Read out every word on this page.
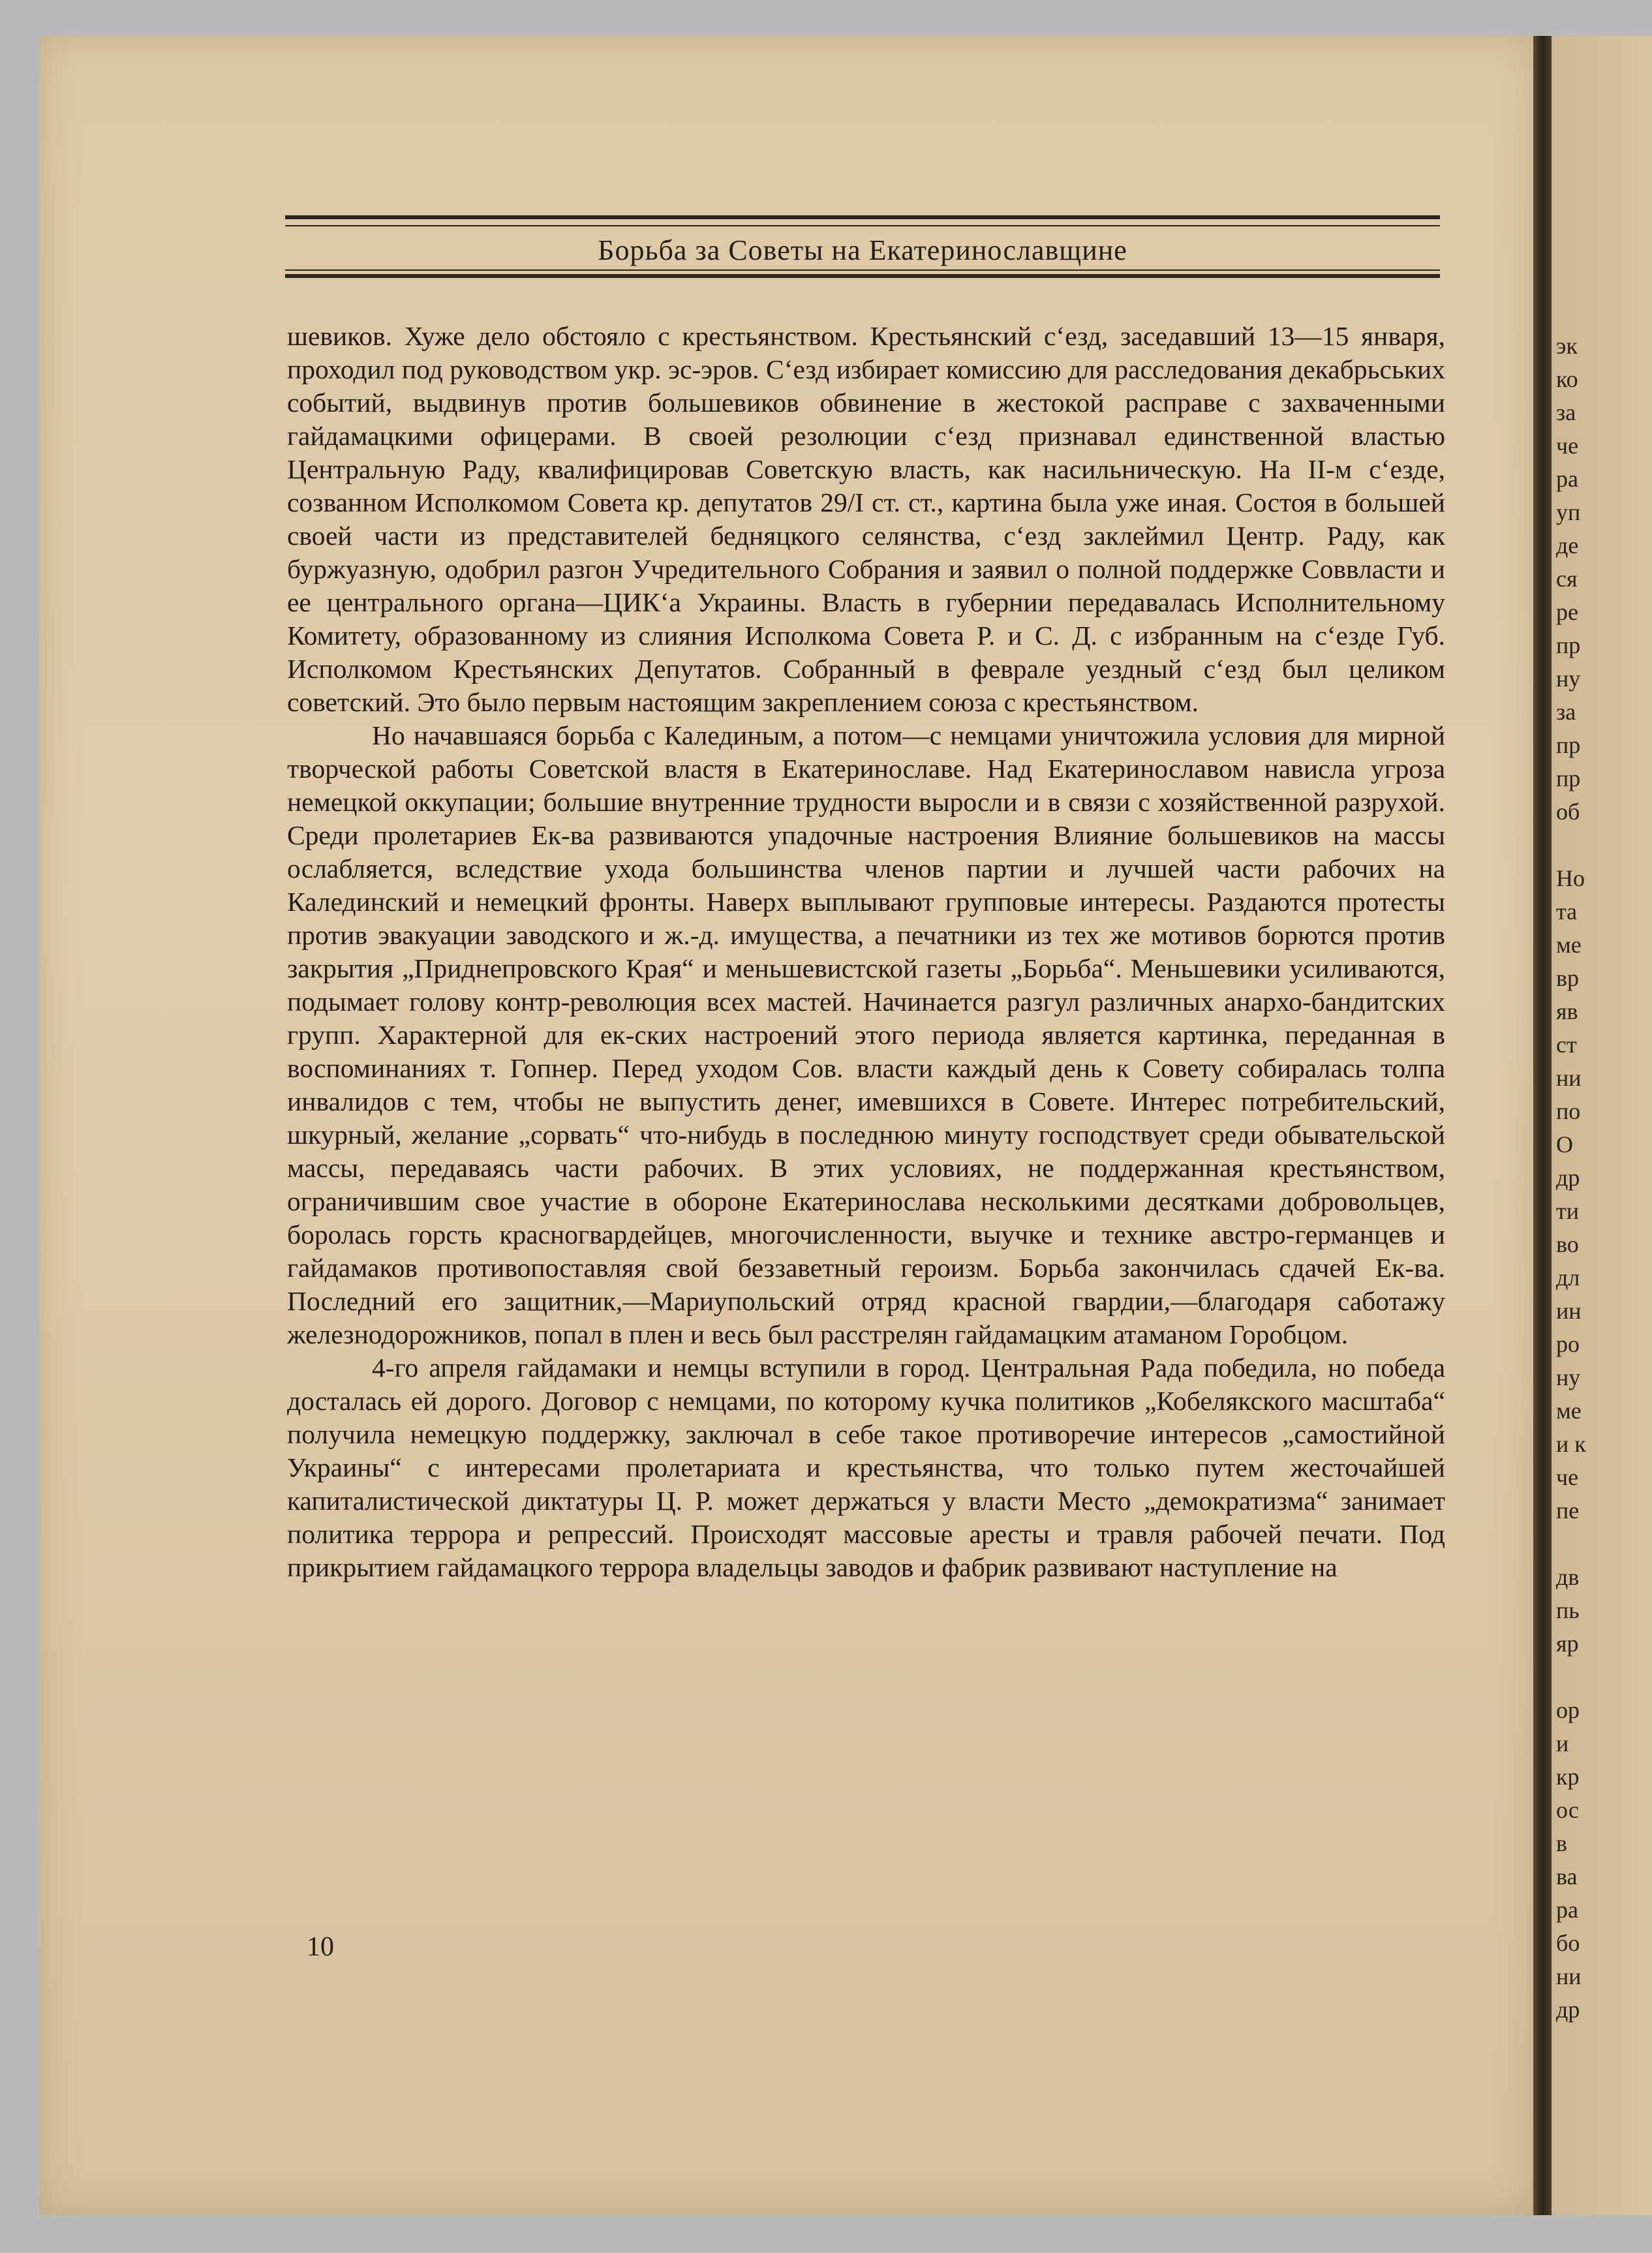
Борьба за Советы на Екатеринославщине

шевиков. Хуже дело обстояло с крестьянством. Крестьянский с‘езд, заседавший 13—15 января, проходил под руководством укр. эс-эров. С‘езд избирает комиссию для расследования декабрьських событий, выдвинув против большевиков обвинение в жестокой расправе с захваченными гайдамацкими офицерами. В своей резолюции с‘езд признавал единственной властью Центральную Раду, квалифицировав Советскую власть, как насильническую. На II-м с‘езде, созванном Исполкомом Совета кр. депутатов 29/I ст. ст., картина была уже иная. Состоя в большей своей части из представителей бедняцкого селянства, с‘езд заклеймил Центр. Раду, как буржуазную, одобрил разгон Учредительного Собрания и заявил о полной поддержке Соввласти и ее центрального органа—ЦИК‘а Украины. Власть в губернии передавалась Исполнительному Комитету, образованному из слияния Исполкома Совета Р. и С. Д. с избранным на с‘езде Губ. Исполкомом Крестьянских Депутатов. Собранный в феврале уездный с‘езд был целиком советский. Это было первым настоящим закреплением союза с крестьянством.

Но начавшаяся борьба с Калединым, а потом—с немцами уничтожила условия для мирной творческой работы Советской властя в Екатеринославе. Над Екатеринославом нависла угроза немецкой оккупации; большие внутренние трудности выросли и в связи с хозяйственной разрухой. Среди пролетариев Ек-ва развиваются упадочные настроения Влияние большевиков на массы ослабляется, вследствие ухода большинства членов партии и лучшей части рабочих на Калединский и немецкий фронты. Наверх выплывают групповые интересы. Раздаются протесты против эвакуации заводского и ж.-д. имущества, а печатники из тех же мотивов борются против закрытия „Приднепровского Края“ и меньшевистской газеты „Борьба“. Меньшевики усиливаются, подымает голову контр-революция всех мастей. Начинается разгул различных анархо-бандитских групп. Характерной для ек-ских настроений этого периода является картинка, переданная в воспоминаниях т. Гопнер. Перед уходом Сов. власти каждый день к Совету собиралась толпа инвалидов с тем, чтобы не выпустить денег, имевшихся в Совете. Интерес потребительский, шкурный, желание „сорвать“ что-нибудь в последнюю минуту господствует среди обывательской массы, передаваясь части рабочих. В этих условиях, не поддержанная крестьянством, ограничившим свое участие в обороне Екатеринослава несколькими десятками добровольцев, боролась горсть красногвардейцев, многочисленности, выучке и технике австро-германцев и гайдамаков противопоставляя свой беззаветный героизм. Борьба закончилась сдачей Ек-ва. Последний его защитник,—Мариупольский отряд красной гвардии,—благодаря саботажу железнодорожников, попал в плен и весь был расстрелян гайдамацким атаманом Горобцом.

4-го апреля гайдамаки и немцы вступили в город. Центральная Рада победила, но победа досталась ей дорого. Договор с немцами, по которому кучка политиков „Кобелякского масштаба“ получила немецкую поддержку, заключал в себе такое противоречие интересов „самостийной Украины“ с интересами пролетариата и крестьянства, что только путем жесточайшей капиталистической диктатуры Ц. Р. может держаться у власти Место „демократизма“ занимает политика террора и репрессий. Происходят массовые аресты и травля рабочей печати. Под прикрытием гайдамацкого террора владельцы заводов и фабрик развивают наступление на

10
эк
ко
за
че
ра
уп
де
ся
ре
пр
ну
за
пр
пр
об
Но
та
ме
вр
яв
ст
ни
по
О
др
ти
во
дл
ин
ро
ну
ме
и к
че
пе
дв
пь
яр
ор
и
кр
ос
в
ва
ра
бо
ни
др
